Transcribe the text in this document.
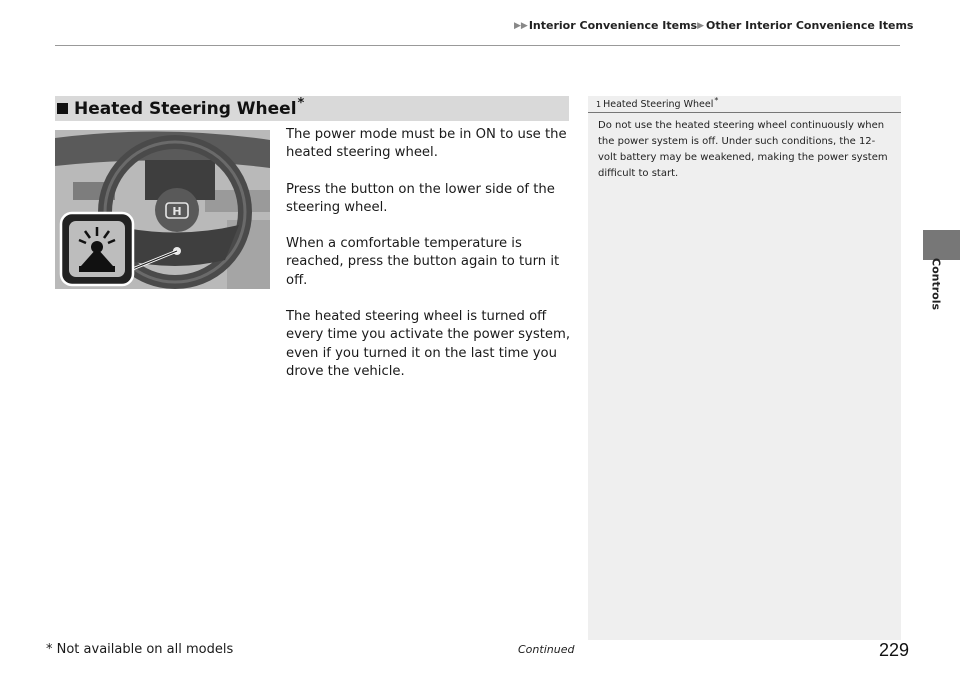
▶▶ Interior Convenience Items ▶ Other Interior Convenience Items
Heated Steering Wheel *
H

The power mode must be in ON to use the heated steering wheel.

Press the button on the lower side of the steering wheel.

When a comfortable temperature is reached, press the button again to turn it off.

The heated steering wheel is turned off every time you activate the power system, even if you turned it on the last time you drove the vehicle.

1 Heated Steering Wheel *
Do not use the heated steering wheel continuously when the power system is off. Under such conditions, the 12-volt battery may be weakened, making the power system difficult to start.
Controls
* Not available on all models	Continued	229
